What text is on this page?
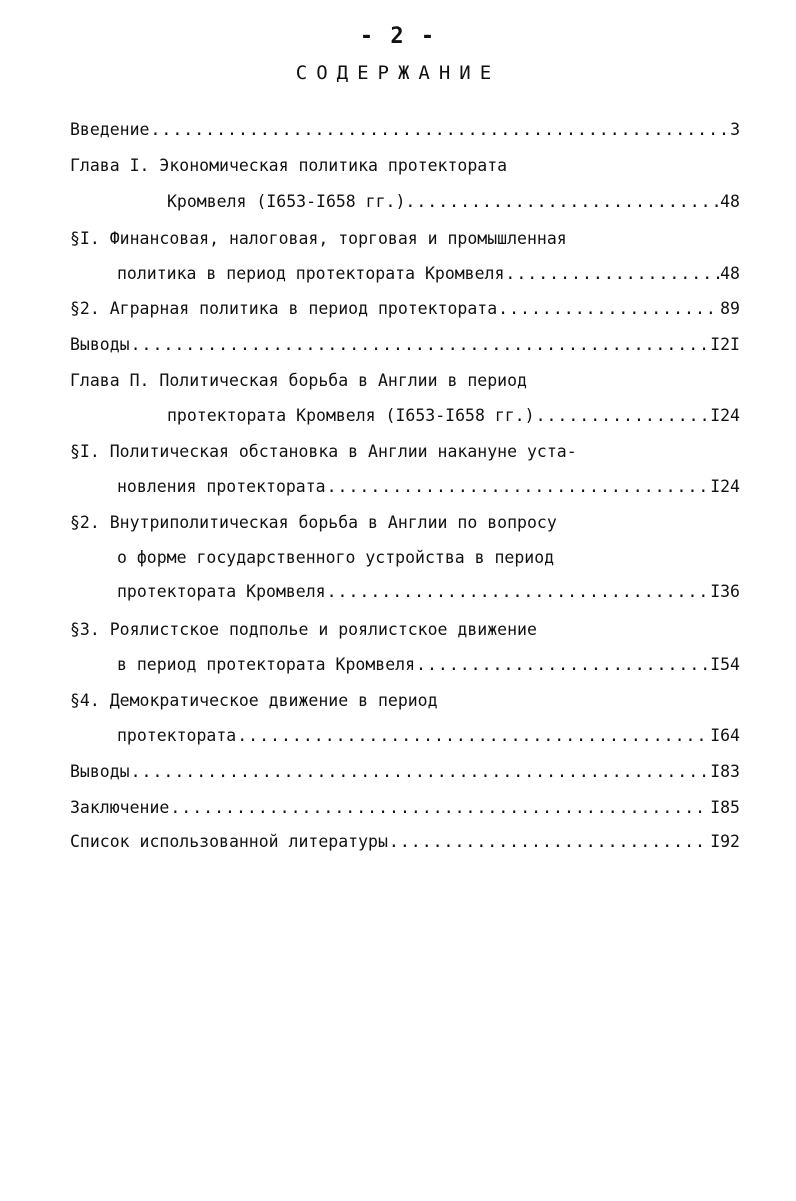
- 2 -
СОДЕРЖАНИЕ
Введение .....	3
Глава I. Экономическая политика протектората
Кромвеля (I653-I658 гг.). .....	48
§I. Финансовая, налоговая, торговая и промышленная
политика в период протектората Кромвеля .....	48
§2. Аграрная политика в период протектората .....	89
Выводы .....	I2I
Глава П. Политическая борьба в Англии в период
протектората Кромвеля (I653-I658 гг.) .....	I24
§I. Политическая обстановка в Англии накануне уста-
новления протектората .....	I24
§2. Внутриполитическая борьба в Англии по вопросу
о форме государственного устройства в период
протектората Кромвеля .....	I36
§3. Роялистское подполье и роялистское движение
в период протектората Кромвеля .....	I54
§4. Демократическое движение в период
протектората .....	I64
Выводы .....	I83
Заключение .....	I85
Список использованной литературы .....	I92
